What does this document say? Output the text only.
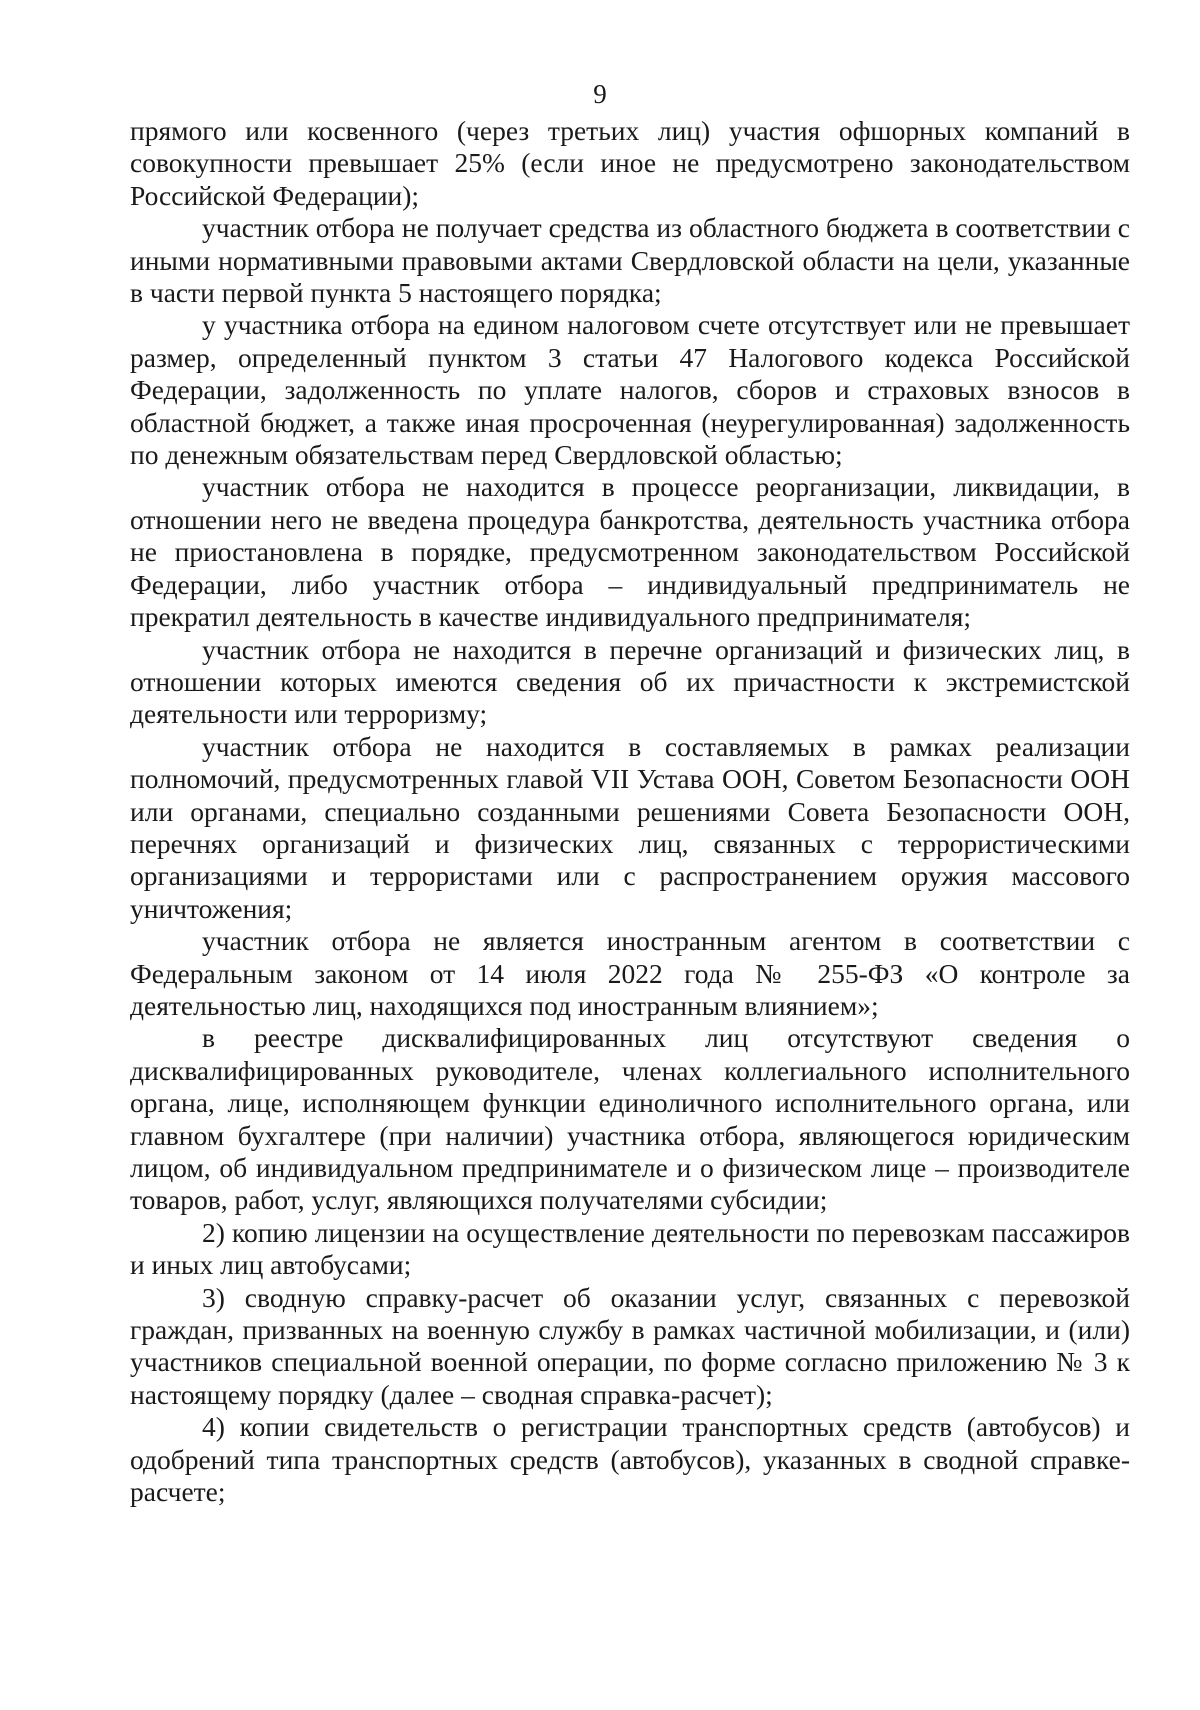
9

прямого или косвенного (через третьих лиц) участия офшорных компаний в совокупности превышает 25% (если иное не предусмотрено законодательством Российской Федерации);

участник отбора не получает средства из областного бюджета в соответствии с иными нормативными правовыми актами Свердловской области на цели, указанные в части первой пункта 5 настоящего порядка;

у участника отбора на едином налоговом счете отсутствует или не превышает размер, определенный пунктом 3 статьи 47 Налогового кодекса Российской Федерации, задолженность по уплате налогов, сборов и страховых взносов в областной бюджет, а также иная просроченная (неурегулированная) задолженность по денежным обязательствам перед Свердловской областью;

участник отбора не находится в процессе реорганизации, ликвидации, в отношении него не введена процедура банкротства, деятельность участника отбора не приостановлена в порядке, предусмотренном законодательством Российской Федерации, либо участник отбора – индивидуальный предприниматель не прекратил деятельность в качестве индивидуального предпринимателя;

участник отбора не находится в перечне организаций и физических лиц, в отношении которых имеются сведения об их причастности к экстремистской деятельности или терроризму;

участник отбора не находится в составляемых в рамках реализации полномочий, предусмотренных главой VII Устава ООН, Советом Безопасности ООН или органами, специально созданными решениями Совета Безопасности ООН, перечнях организаций и физических лиц, связанных с террористическими организациями и террористами или с распространением оружия массового уничтожения;

участник отбора не является иностранным агентом в соответствии с Федеральным законом от 14 июля 2022 года № 255-ФЗ «О контроле за деятельностью лиц, находящихся под иностранным влиянием»;

в реестре дисквалифицированных лиц отсутствуют сведения о дисквалифицированных руководителе, членах коллегиального исполнительного органа, лице, исполняющем функции единоличного исполнительного органа, или главном бухгалтере (при наличии) участника отбора, являющегося юридическим лицом, об индивидуальном предпринимателе и о физическом лице – производителе товаров, работ, услуг, являющихся получателями субсидии;

2) копию лицензии на осуществление деятельности по перевозкам пассажиров и иных лиц автобусами;

3) сводную справку-расчет об оказании услуг, связанных с перевозкой граждан, призванных на военную службу в рамках частичной мобилизации, и (или) участников специальной военной операции, по форме согласно приложению № 3 к настоящему порядку (далее – сводная справка-расчет);

4) копии свидетельств о регистрации транспортных средств (автобусов) и одобрений типа транспортных средств (автобусов), указанных в сводной справке-расчете;
